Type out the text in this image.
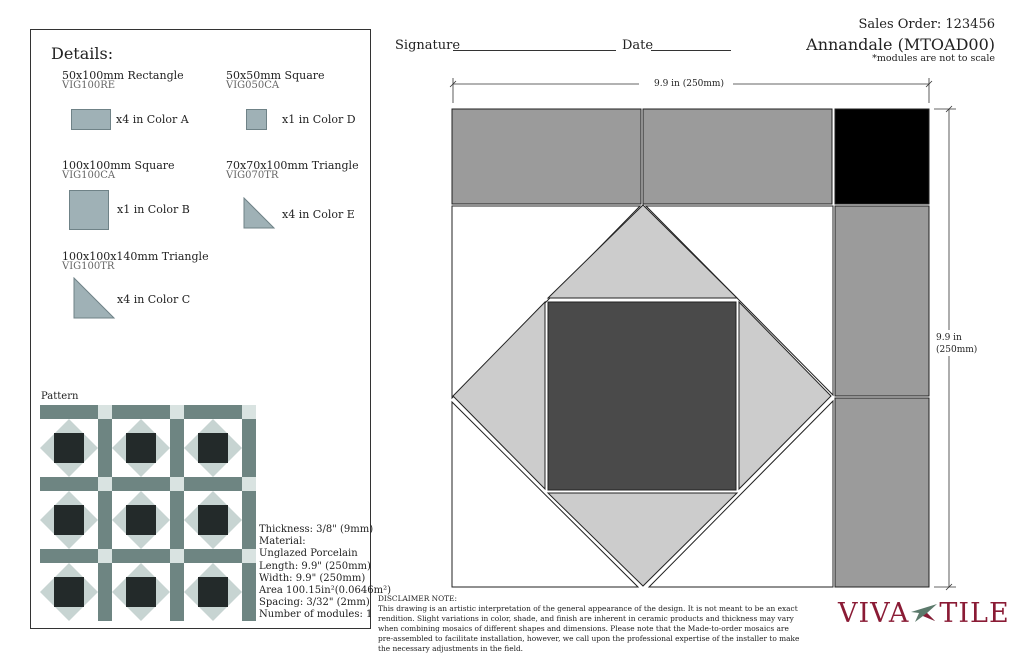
Signature	Date
Sales Order: 123456
Annandale (MTOAD00)
*modules are not to scale
Details:
50x100mm Rectangle
VIG100RE
x4 in Color A
50x50mm Square
VIG050CA
x1 in Color D
100x100mm Square
VIG100CA
x1 in Color B
70x70x100mm Triangle
VIG070TR
x4 in Color E
100x100x140mm Triangle
VIG100TR
x4 in Color C
Pattern
Thickness: 3/8" (9mm)
Material:
Unglazed Porcelain
Length: 9.9" (250mm)
Width: 9.9" (250mm)
Area 100.15in²(0.0646m²)
Spacing: 3/32" (2mm)
Number of modules: 1
9.9 in (250mm)
9.9 in
(250mm)
DISCLAIMER NOTE:
This drawing is an artistic interpretation of the general appearance of the design. It is not meant to be an exact
rendition. Slight variations in color, shade, and finish are inherent in ceramic products and thickness may vary
when combining mosaics of different shapes and dimensions. Please note that the Made-to-order mosaics are
pre-assembled to facilitate installation, however, we call upon the professional expertise of the installer to make
the necessary adjustments in the field.
VIVA TILE
